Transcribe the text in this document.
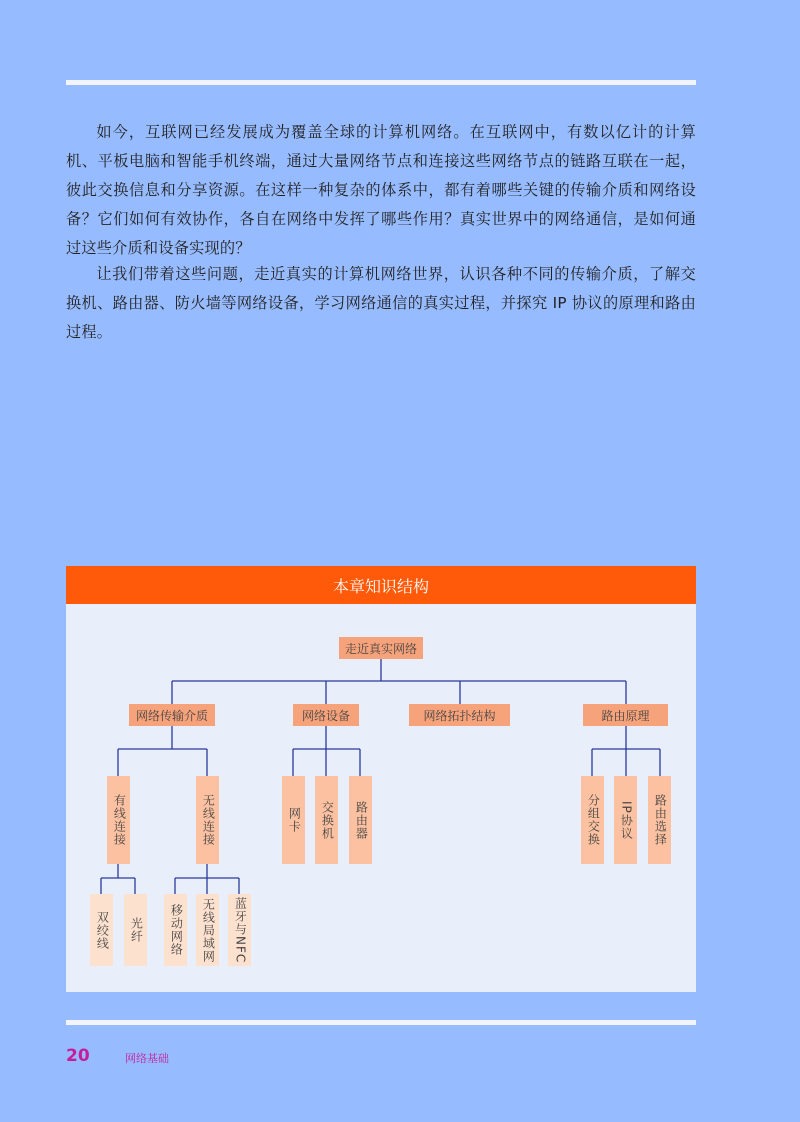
如今，互联网已经发展成为覆盖全球的计算机网络。在互联网中，有数以亿计的计算机、平板电脑和智能手机终端，通过大量网络节点和连接这些网络节点的链路互联在一起，彼此交换信息和分享资源。在这样一种复杂的体系中，都有着哪些关键的传输介质和网络设备？它们如何有效协作，各自在网络中发挥了哪些作用？真实世界中的网络通信，是如何通过这些介质和设备实现的？

让我们带着这些问题，走近真实的计算机网络世界，认识各种不同的传输介质，了解交换机、路由器、防火墙等网络设备，学习网络通信的真实过程，并探究 IP 协议的原理和路由过程。

本章知识结构
走近真实网络
网络传输介质	网络设备	网络拓扑结构	路由原理
有线连接	无线连接
双绞线	光纤	移动网络	无线局域网	蓝牙与NFC
网卡	交换机	路由器	分组交换	IP协议	路由选择
20	网络基础
